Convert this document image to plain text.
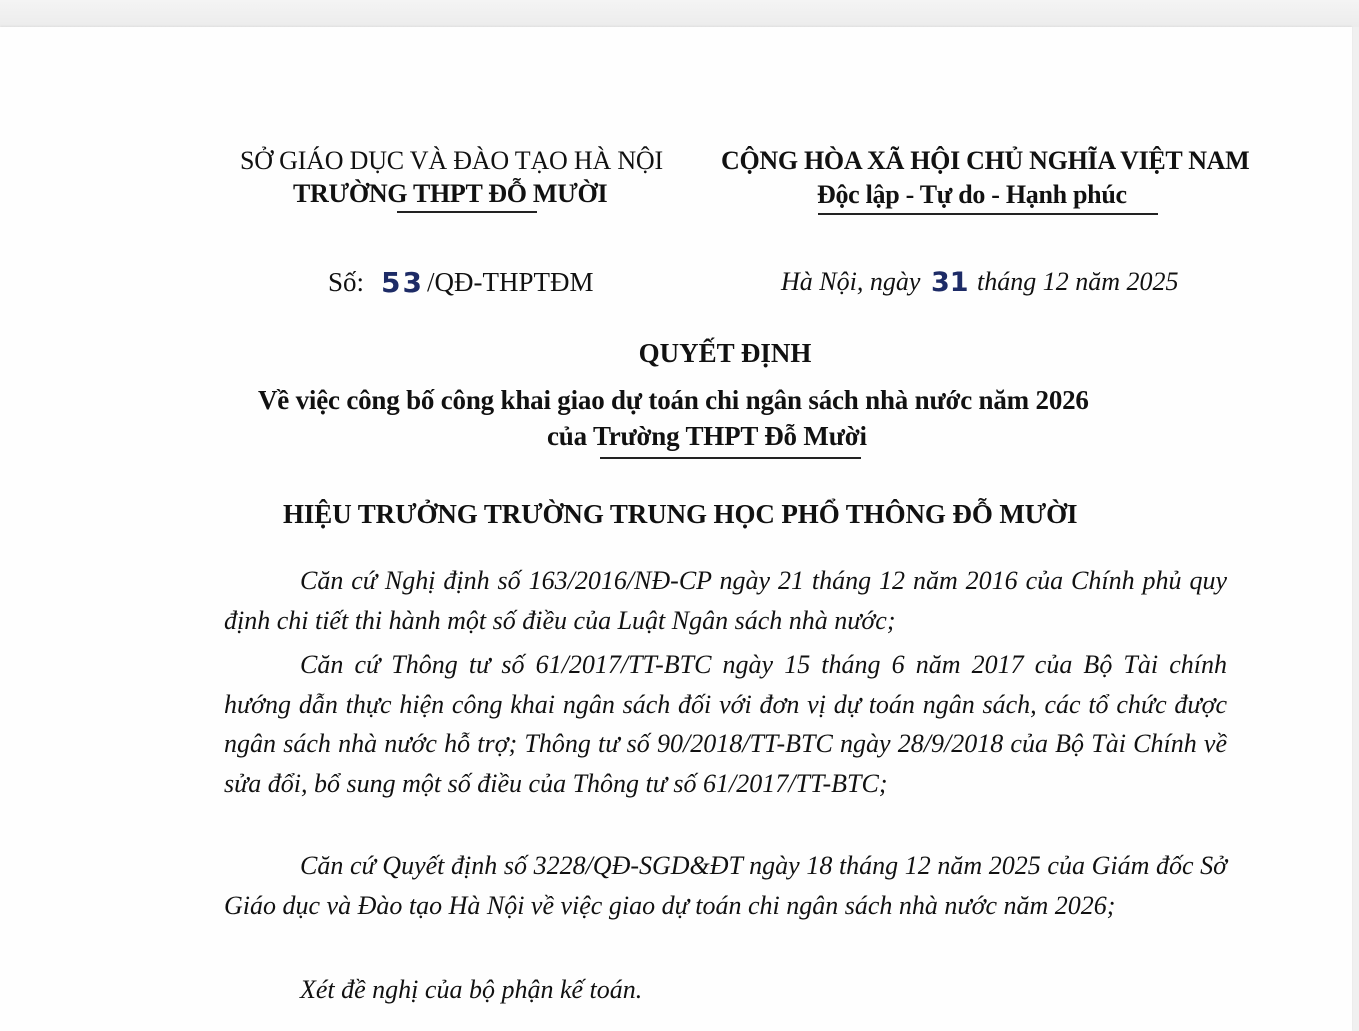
SỞ GIÁO DỤC VÀ ĐÀO TẠO HÀ NỘI
TRƯỜNG THPT ĐỖ MƯỜI
CỘNG HÒA XÃ HỘI CHỦ NGHĨA VIỆT NAM
Độc lập - Tự do - Hạnh phúc
Số: 53 /QĐ-THPTĐM	Hà Nội, ngày 31 tháng 12 năm 2025
QUYẾT ĐỊNH
Về việc công bố công khai giao dự toán chi ngân sách nhà nước năm 2026
của Trường THPT Đỗ Mười
HIỆU TRƯỞNG TRƯỜNG TRUNG HỌC PHỔ THÔNG ĐỖ MƯỜI
Căn cứ Nghị định số 163/2016/NĐ-CP ngày 21 tháng 12 năm 2016 của Chính phủ quy định chi tiết thi hành một số điều của Luật Ngân sách nhà nước;
Căn cứ Thông tư số 61/2017/TT-BTC ngày 15 tháng 6 năm 2017 của Bộ Tài chính hướng dẫn thực hiện công khai ngân sách đối với đơn vị dự toán ngân sách, các tổ chức được ngân sách nhà nước hỗ trợ; Thông tư số 90/2018/TT-BTC ngày 28/9/2018 của Bộ Tài Chính về sửa đổi, bổ sung một số điều của Thông tư số 61/2017/TT-BTC;
Căn cứ Quyết định số 3228/QĐ-SGD&ĐT ngày 18 tháng 12 năm 2025 của Giám đốc Sở Giáo dục và Đào tạo Hà Nội về việc giao dự toán chi ngân sách nhà nước năm 2026;
Xét đề nghị của bộ phận kế toán.
